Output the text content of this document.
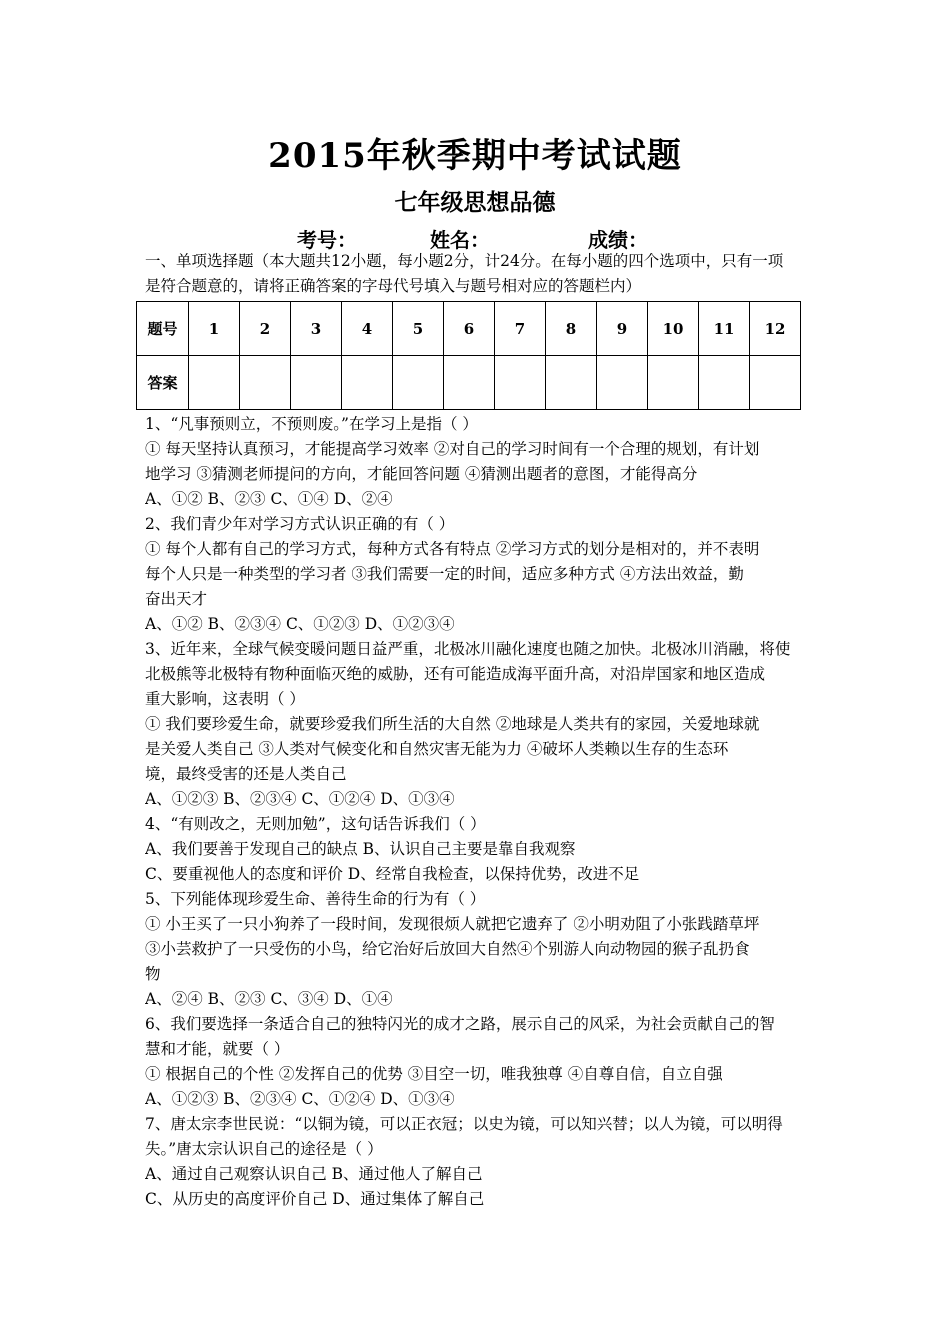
2015年秋季期中考试试题
七年级思想品德
考号：	姓名：	成绩：
一、单项选择题（本大题共12小题，每小题2分，计24分。在每小题的四个选项中，只有一项
是符合题意的，请将正确答案的字母代号填入与题号相对应的答题栏内）
题号	1	2	3	4	5	6	7	8	9	10	11	12
答案												
1、“凡事预则立，不预则废。”在学习上是指（ ）
① 每天坚持认真预习，才能提高学习效率 ②对自己的学习时间有一个合理的规划，有计划
地学习 ③猜测老师提问的方向，才能回答问题 ④猜测出题者的意图，才能得高分
A、①② B、②③ C、①④ D、②④
2、我们青少年对学习方式认识正确的有（ ）
① 每个人都有自己的学习方式，每种方式各有特点 ②学习方式的划分是相对的，并不表明
每个人只是一种类型的学习者 ③我们需要一定的时间，适应多种方式 ④方法出效益，勤
奋出天才
A、①② B、②③④ C、①②③ D、①②③④
3、近年来，全球气候变暖问题日益严重，北极冰川融化速度也随之加快。北极冰川消融，将使
北极熊等北极特有物种面临灭绝的威胁，还有可能造成海平面升高，对沿岸国家和地区造成
重大影响，这表明（ ）
① 我们要珍爱生命，就要珍爱我们所生活的大自然 ②地球是人类共有的家园，关爱地球就
是关爱人类自己 ③人类对气候变化和自然灾害无能为力 ④破坏人类赖以生存的生态环
境，最终受害的还是人类自己
A、①②③ B、②③④ C、①②④ D、①③④
4、“有则改之，无则加勉”，这句话告诉我们（ ）
A、我们要善于发现自己的缺点 B、认识自己主要是靠自我观察
C、要重视他人的态度和评价 D、经常自我检查，以保持优势，改进不足
5、下列能体现珍爱生命、善待生命的行为有（ ）
① 小王买了一只小狗养了一段时间，发现很烦人就把它遗弃了 ②小明劝阻了小张践踏草坪
③小芸救护了一只受伤的小鸟，给它治好后放回大自然④个别游人向动物园的猴子乱扔食
物
A、②④ B、②③ C、③④ D、①④
6、我们要选择一条适合自己的独特闪光的成才之路，展示自己的风采，为社会贡献自己的智
慧和才能，就要（ ）
① 根据自己的个性 ②发挥自己的优势 ③目空一切，唯我独尊 ④自尊自信，自立自强
A、①②③ B、②③④ C、①②④ D、①③④
7、唐太宗李世民说：“以铜为镜，可以正衣冠；以史为镜，可以知兴替；以人为镜，可以明得
失。”唐太宗认识自己的途径是（ ）
A、通过自己观察认识自己 B、通过他人了解自己
C、从历史的高度评价自己 D、通过集体了解自己
